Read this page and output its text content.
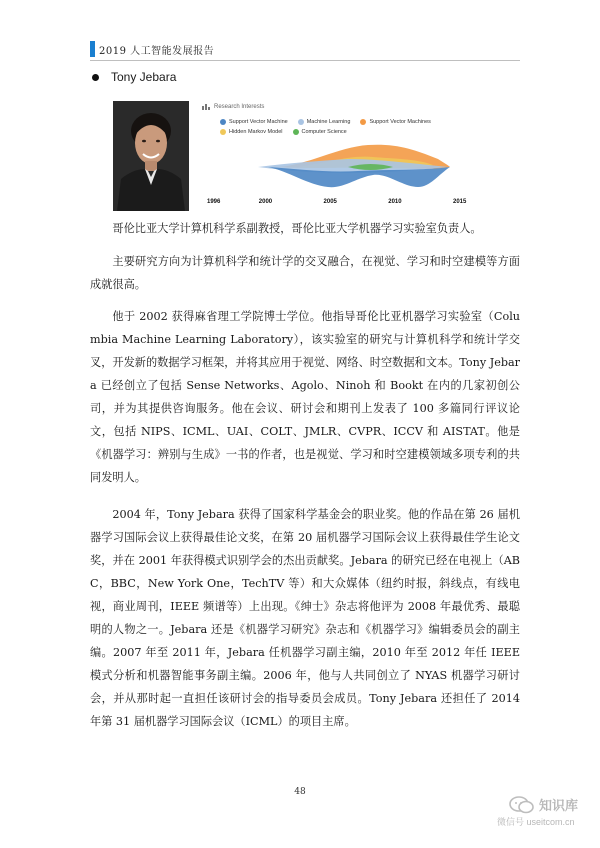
2019 人工智能发展报告
Tony Jebara
Research Interests
Support Vector Machine	Machine Learning	Support Vector Machines
Hidden Markov Model	Computer Science
1996	2000	2005	2010	2015

哥伦比亚大学计算机科学系副教授，哥伦比亚大学机器学习实验室负责人。

主要研究方向为计算机科学和统计学的交叉融合，在视觉、学习和时空建模等方面成就很高。

他于 2002 获得麻省理工学院博士学位。他指导哥伦比亚机器学习实验室（Columbia Machine Learning Laboratory），该实验室的研究与计算机科学和统计学交叉，开发新的数据学习框架，并将其应用于视觉、网络、时空数据和文本。Tony Jebara 已经创立了包括 Sense Networks、Agolo、Ninoh 和 Bookt 在内的几家初创公司，并为其提供咨询服务。他在会议、研讨会和期刊上发表了 100 多篇同行评议论文，包括 NIPS、ICML、UAI、COLT、JMLR、CVPR、ICCV 和 AISTAT。他是《机器学习：辨别与生成》一书的作者，也是视觉、学习和时空建模领域多项专利的共同发明人。

2004 年，Tony Jebara 获得了国家科学基金会的职业奖。他的作品在第 26 届机器学习国际会议上获得最佳论文奖，在第 20 届机器学习国际会议上获得最佳学生论文奖，并在 2001 年获得模式识别学会的杰出贡献奖。Jebara 的研究已经在电视上（ABC，BBC，New York One，TechTV 等）和大众媒体（纽约时报，斜线点，有线电视，商业周刊，IEEE 频谱等）上出现。《绅士》杂志将他评为 2008 年最优秀、最聪明的人物之一。Jebara 还是《机器学习研究》杂志和《机器学习》编辑委员会的副主编。2007 年至 2011 年，Jebara 任机器学习副主编，2010 年至 2012 年任 IEEE 模式分析和机器智能事务副主编。2006 年，他与人共同创立了 NYAS 机器学习研讨会，并从那时起一直担任该研讨会的指导委员会成员。Tony Jebara 还担任了 2014 年第 31 届机器学习国际会议（ICML）的项目主席。

48
知识库
微信号 useitcom.cn
